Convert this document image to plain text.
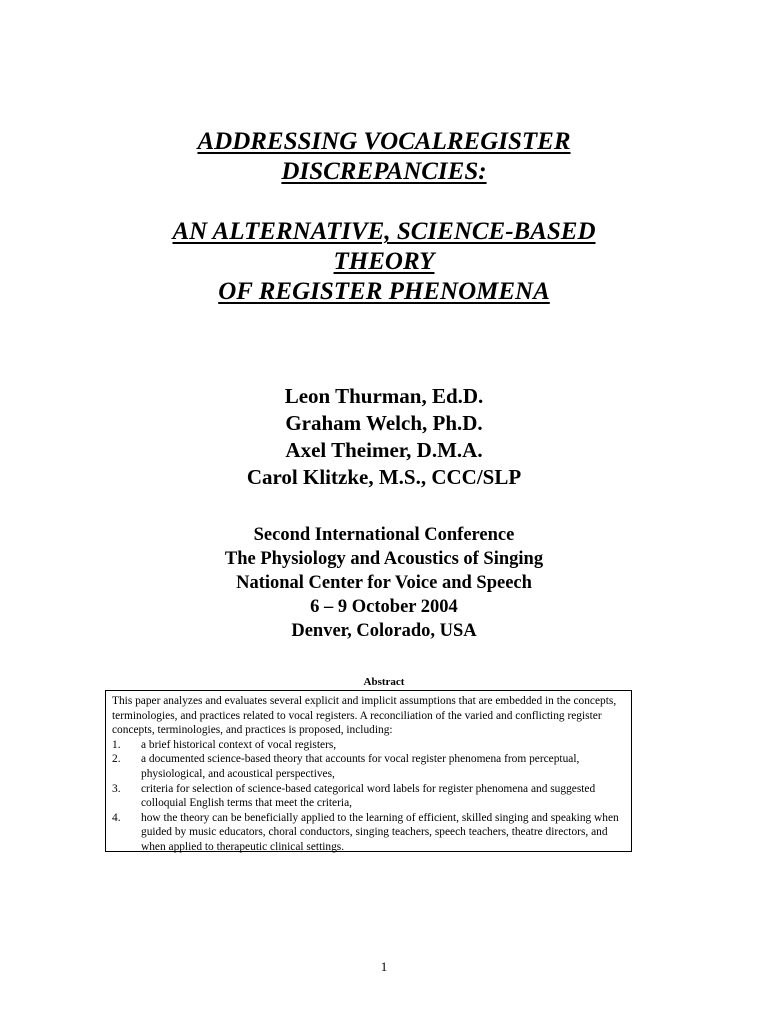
ADDRESSING VOCALREGISTER
DISCREPANCIES:
AN ALTERNATIVE, SCIENCE-BASED
THEORY
OF REGISTER PHENOMENA
Leon Thurman, Ed.D.
Graham Welch, Ph.D.
Axel Theimer, D.M.A.
Carol Klitzke, M.S., CCC/SLP
Second International Conference
The Physiology and Acoustics of Singing
National Center for Voice and Speech
6 – 9 October 2004
Denver, Colorado, USA
Abstract

This paper analyzes and evaluates several explicit and implicit assumptions that are embedded in the concepts, terminologies, and practices related to vocal registers. A reconciliation of the varied and conflicting register concepts, terminologies, and practices is proposed, including:

1. a brief historical context of vocal registers,
2. a documented science-based theory that accounts for vocal register phenomena from perceptual, physiological, and acoustical perspectives,
3. criteria for selection of science-based categorical word labels for register phenomena and suggested colloquial English terms that meet the criteria,
4. how the theory can be beneficially applied to the learning of efficient, skilled singing and speaking when guided by music educators, choral conductors, singing teachers, speech teachers, theatre directors, and when applied to therapeutic clinical settings.
1
